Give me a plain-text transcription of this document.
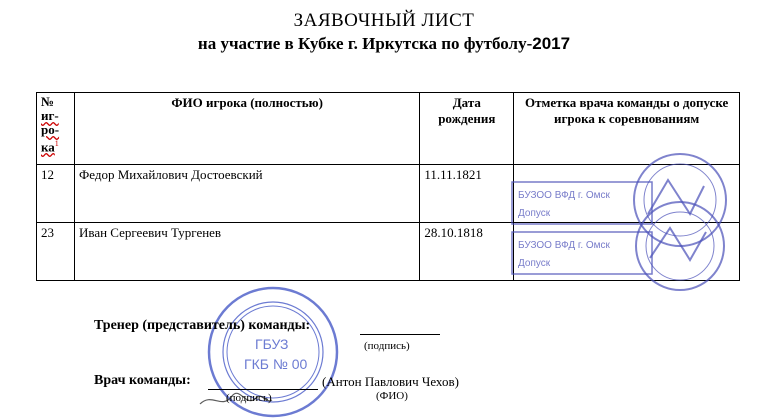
ЗАЯВОЧНЫЙ ЛИСТ
на участие в Кубке г. Иркутска по футболу-2017
№
иг-
ро-
$ка^1$	ФИО игрока (полностью)	Дата рождения	Отметка врача команды о допуске игрока к соревнованиям
12	Федор Михайлович Достоевский	11.11.1821	
23	Иван Сергеевич Тургенев	28.10.1818	
БУЗОО ВФД г. Омск
Допуск
БУЗОО ВФД г. Омск
Допуск
ГБУЗ
ГКБ № 00
Тренер (представитель) команды:
(подпись)
Врач команды:	(Антон Павлович Чехов)
(подпись)	(ФИО)
